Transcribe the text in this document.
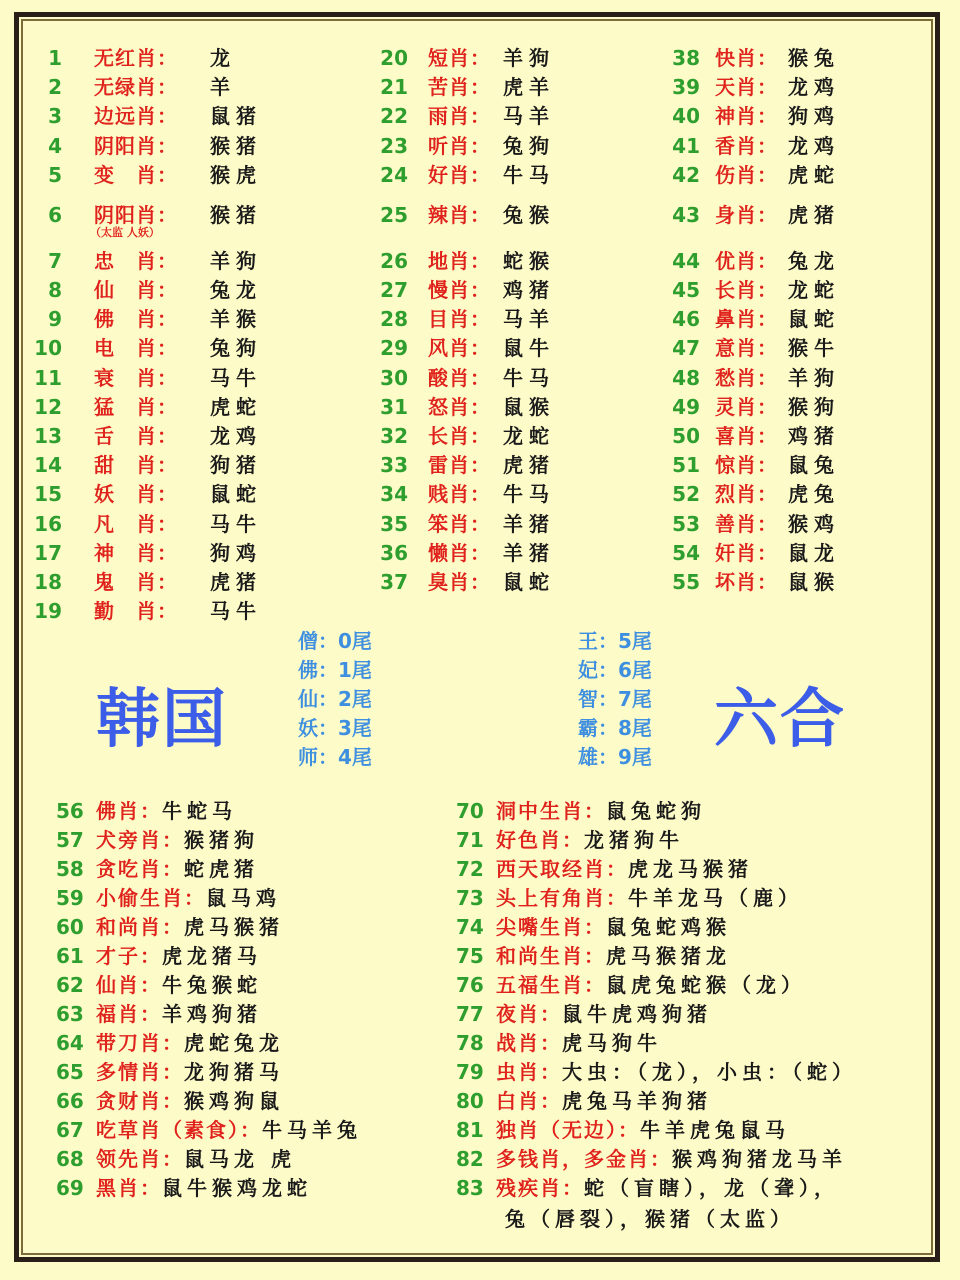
1 无红肖： 龙
2 无绿肖： 羊
3 边远肖： 鼠猪
4 阴阳肖： 猴猪
5 变　肖： 猴虎
6 阴阳肖： 猴猪
（太监 人妖）
7 忠　肖： 羊狗
8 仙　肖： 兔龙
9 佛　肖： 羊猴
10 电　肖： 兔狗
11 衰　肖： 马牛
12 猛　肖： 虎蛇
13 舌　肖： 龙鸡
14 甜　肖： 狗猪
15 妖　肖： 鼠蛇
16 凡　肖： 马牛
17 神　肖： 狗鸡
18 鬼　肖： 虎猪
19 勤　肖： 马牛
20 短肖： 羊狗
21 苦肖： 虎羊
22 雨肖： 马羊
23 听肖： 兔狗
24 好肖： 牛马
25 辣肖： 兔猴
26 地肖： 蛇猴
27 慢肖： 鸡猪
28 目肖： 马羊
29 风肖： 鼠牛
30 酸肖： 牛马
31 怒肖： 鼠猴
32 长肖： 龙蛇
33 雷肖： 虎猪
34 贱肖： 牛马
35 笨肖： 羊猪
36 懒肖： 羊猪
37 臭肖： 鼠蛇
38 快肖： 猴兔
39 天肖： 龙鸡
40 神肖： 狗鸡
41 香肖： 龙鸡
42 伤肖： 虎蛇
43 身肖： 虎猪
44 优肖： 兔龙
45 长肖： 龙蛇
46 鼻肖： 鼠蛇
47 意肖： 猴牛
48 愁肖： 羊狗
49 灵肖： 猴狗
50 喜肖： 鸡猪
51 惊肖： 鼠兔
52 烈肖： 虎兔
53 善肖： 猴鸡
54 奸肖： 鼠龙
55 坏肖： 鼠猴
僧：0尾
佛：1尾
仙：2尾
妖：3尾
师：4尾
王：5尾
妃：6尾
智：7尾
霸：8尾
雄：9尾
韩国	六合
56 佛肖：牛蛇马
57 犬旁肖：猴猪狗
58 贪吃肖：蛇虎猪
59 小偷生肖：鼠马鸡
60 和尚肖：虎马猴猪
61 才子：虎龙猪马
62 仙肖：牛兔猴蛇
63 福肖：羊鸡狗猪
64 带刀肖：虎蛇兔龙
65 多情肖：龙狗猪马
66 贪财肖：猴鸡狗鼠
67 吃草肖（素食）：牛马羊兔
68 领先肖：鼠马龙 虎
69 黑肖：鼠牛猴鸡龙蛇
70 洞中生肖：鼠兔蛇狗
71 好色肖：龙猪狗牛
72 西天取经肖：虎龙马猴猪
73 头上有角肖：牛羊龙马（鹿）
74 尖嘴生肖：鼠兔蛇鸡猴
75 和尚生肖：虎马猴猪龙
76 五福生肖：鼠虎兔蛇猴（龙）
77 夜肖：鼠牛虎鸡狗猪
78 战肖：虎马狗牛
79 虫肖：大虫：（龙），小虫：（蛇）
80 白肖：虎兔马羊狗猪
81 独肖（无边）：牛羊虎兔鼠马
82 多钱肖，多金肖：猴鸡狗猪龙马羊
83 残疾肖：蛇（盲瞎），龙（聋），
兔（唇裂），猴猪（太监）
